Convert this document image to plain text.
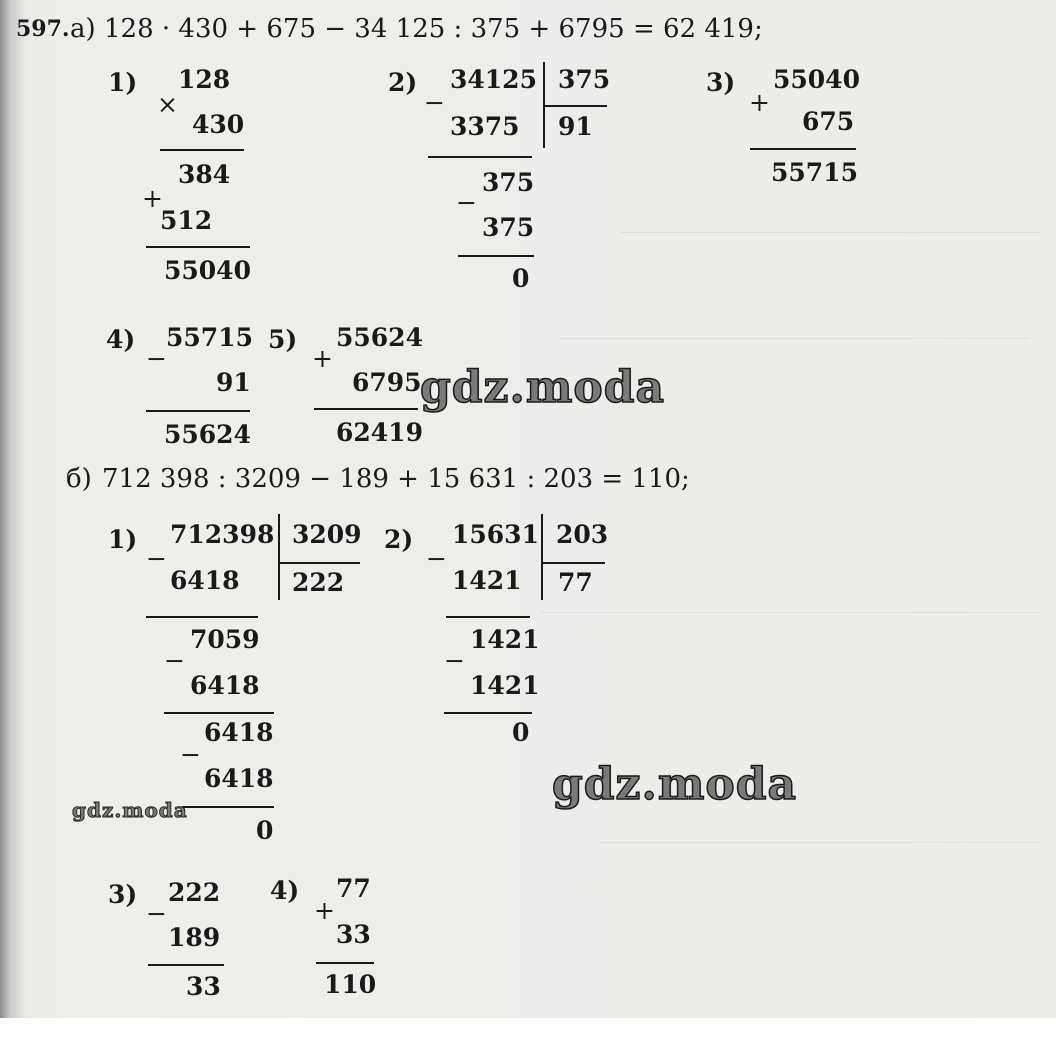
597. а) 128 · 430 + 675 − 34 125 : 375 + 6795 = 62 419;
1)
×
128
430
384
+
512
55040
2)
−
34125 375
3375 91
375
−
375
0
3)
+
55040
675
55715
4)
−
55715
91
55624
5)
+
55624
6795
62419
б) 712 398 : 3209 − 189 + 15 631 : 203 = 110;
1)
−
712398 3209
6418 222
7059
−
6418
6418
−
6418
0
2)
−
15631 203
1421 77
1421
−
1421
0
3)
−
222
189
33
4)
+
77
33
110
gdz.moda
gdz.moda
gdz.moda
